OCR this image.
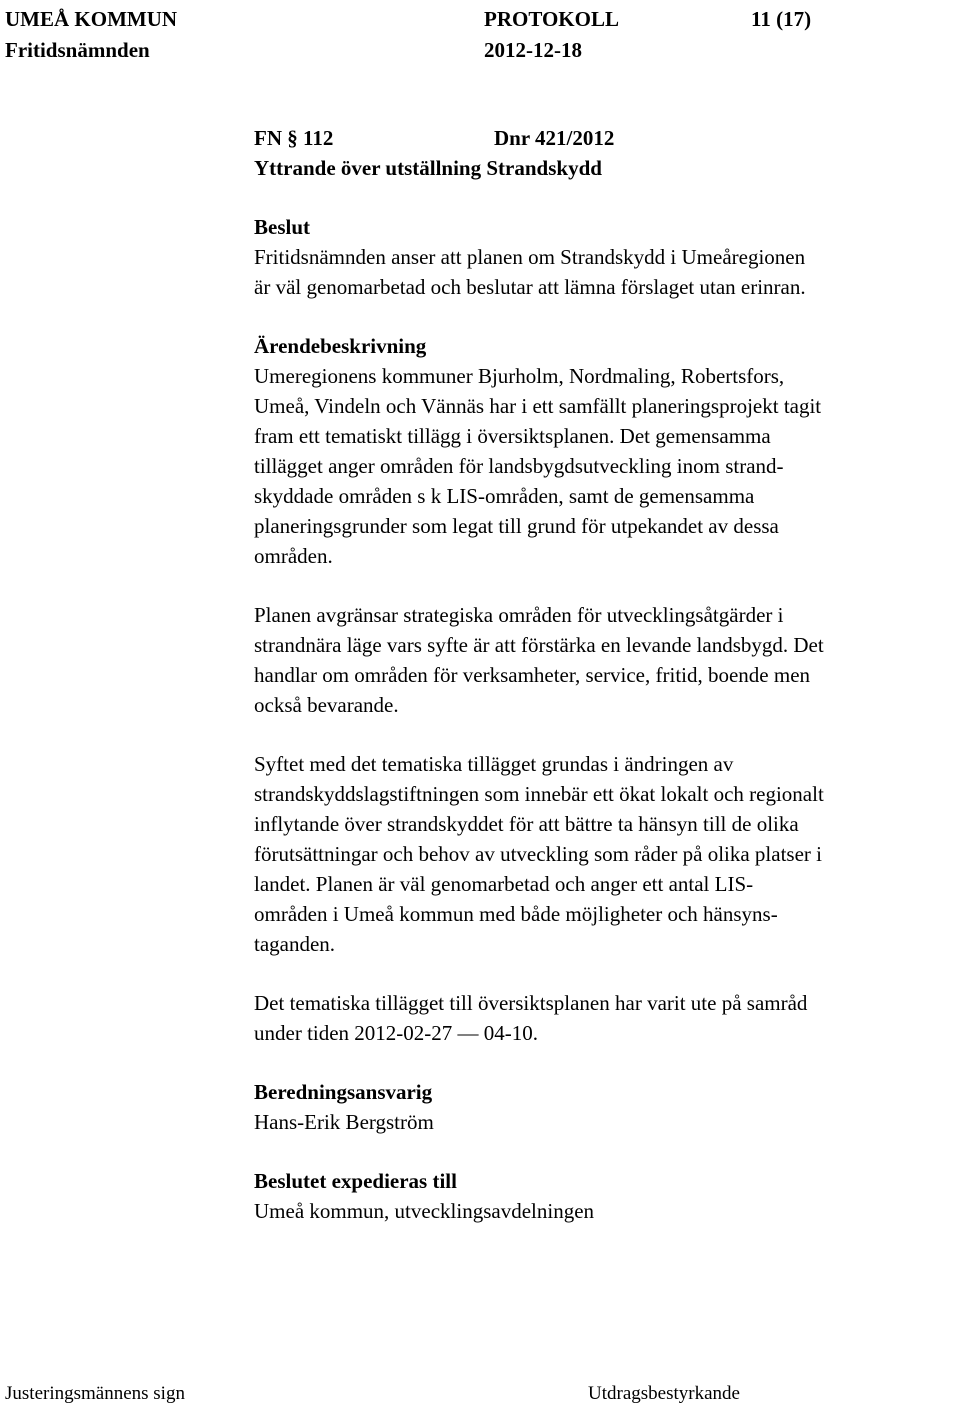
UMEÅ KOMMUN
Fritidsnämnden
PROTOKOLL
2012-12-18
11 (17)
FN § 112	Dnr 421/2012
Yttrande över utställning Strandskydd
Beslut
Fritidsnämnden anser att planen om Strandskydd i Umeåregionen
är väl genomarbetad och beslutar att lämna förslaget utan erinran.
Ärendebeskrivning
Umeregionens kommuner Bjurholm, Nordmaling, Robertsfors,
Umeå, Vindeln och Vännäs har i ett samfällt planeringsprojekt tagit
fram ett tematiskt tillägg i översiktsplanen. Det gemensamma
tillägget anger områden för landsbygdsutveckling inom strand-
skyddade områden s k LIS-områden, samt de gemensamma
planeringsgrunder som legat till grund för utpekandet av dessa
områden.
Planen avgränsar strategiska områden för utvecklingsåtgärder i
strandnära läge vars syfte är att förstärka en levande landsbygd. Det
handlar om områden för verksamheter, service, fritid, boende men
också bevarande.
Syftet med det tematiska tillägget grundas i ändringen av
strandskyddslagstiftningen som innebär ett ökat lokalt och regionalt
inflytande över strandskyddet för att bättre ta hänsyn till de olika
förutsättningar och behov av utveckling som råder på olika platser i
landet. Planen är väl genomarbetad och anger ett antal LIS-
områden i Umeå kommun med både möjligheter och hänsyns-
taganden.
Det tematiska tillägget till översiktsplanen har varit ute på samråd
under tiden 2012-02-27 — 04-10.
Beredningsansvarig
Hans-Erik Bergström
Beslutet expedieras till
Umeå kommun, utvecklingsavdelningen
Justeringsmännens sign	Utdragsbestyrkande
